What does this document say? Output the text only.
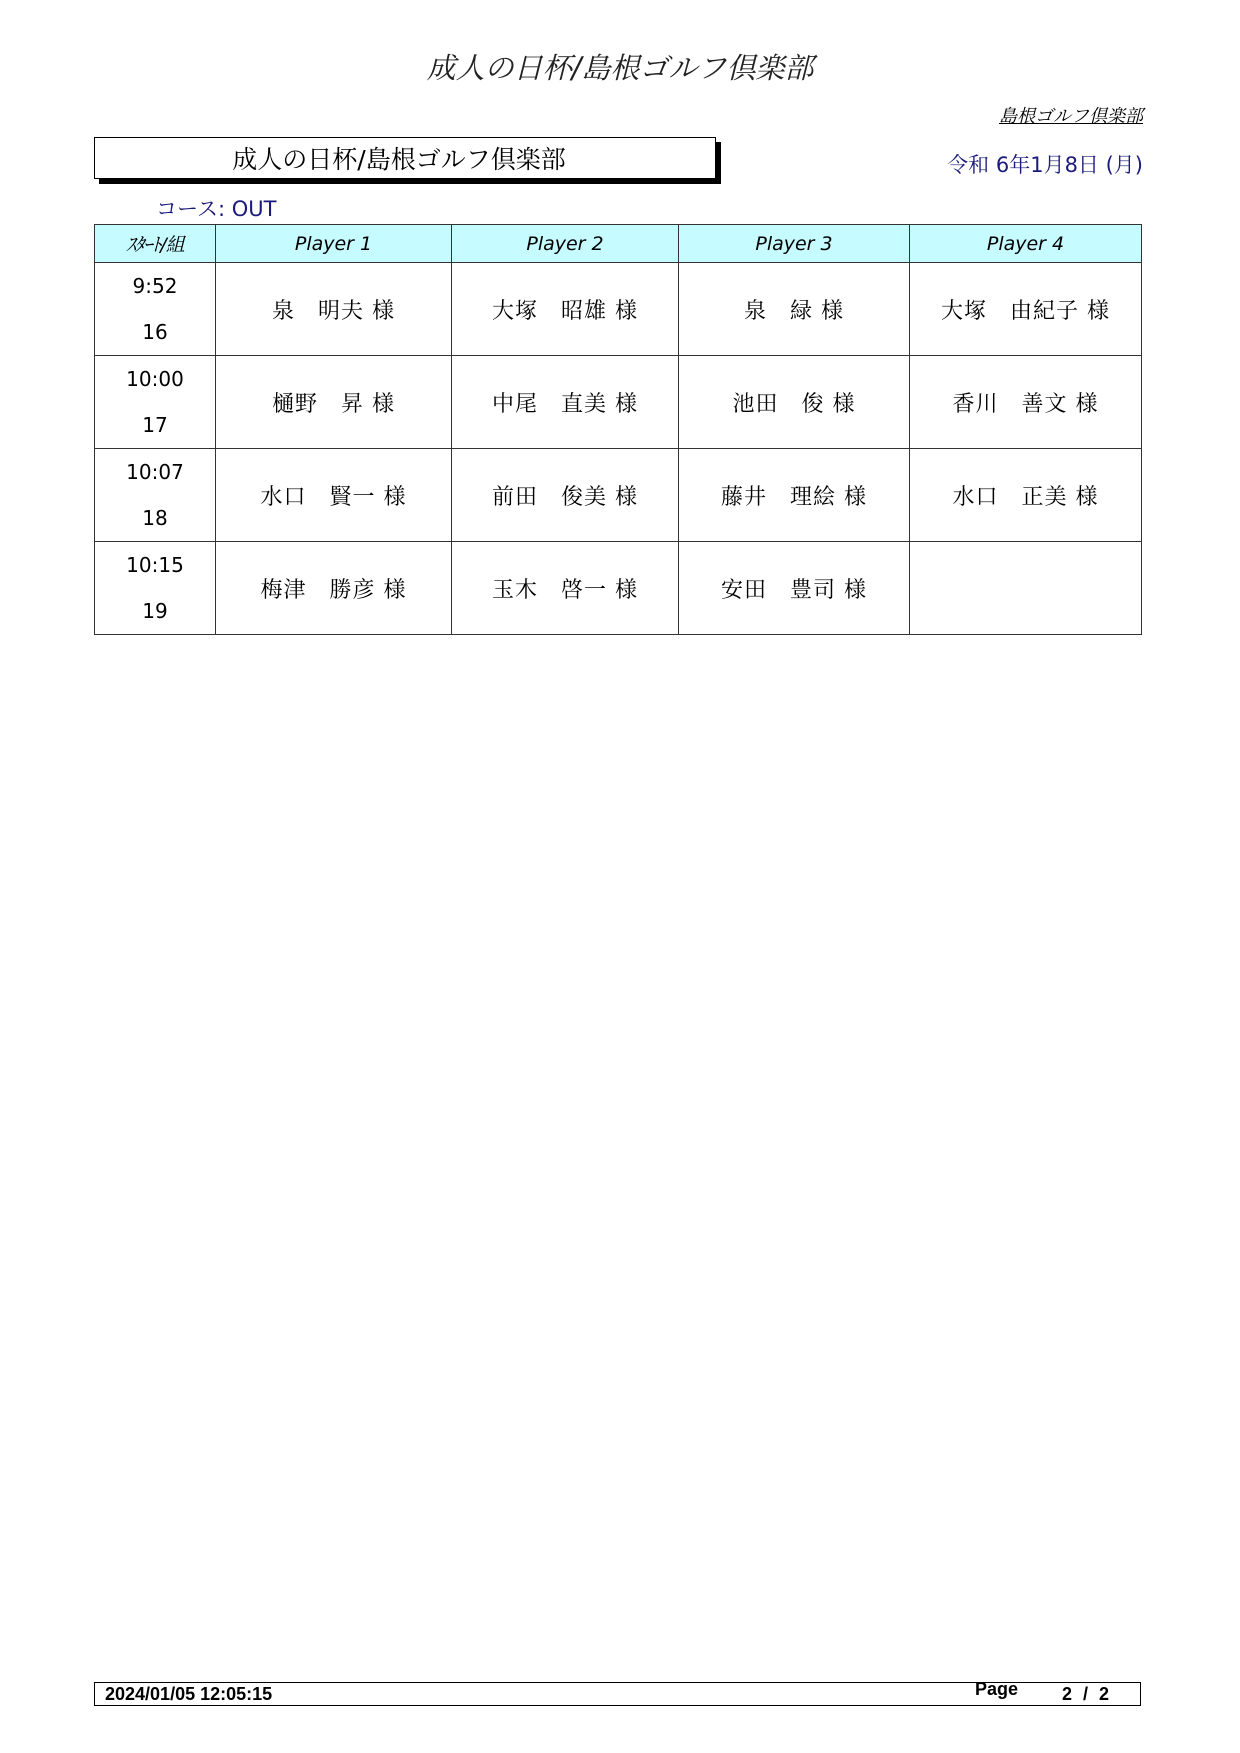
成人の日杯/島根ゴルフ倶楽部
島根ゴルフ倶楽部
成人の日杯/島根ゴルフ倶楽部	令和 6年1月8日 (月)
コース: OUT
ｽﾀｰﾄ/組	Player 1	Player 2	Player 3	Player 4

9:52
16	泉　明夫 様	大塚　昭雄 様	泉　緑 様	大塚　由紀子 様

10:00
17	樋野　昇 様	中尾　直美 様	池田　俊 様	香川　善文 様

10:07
18	水口　賢一 様	前田　俊美 様	藤井　理絵 様	水口　正美 様

10:15
19	梅津　勝彦 様	玉木　啓一 様	安田　豊司 様	
2024/01/05 12:05:15	Page 2 / 2
